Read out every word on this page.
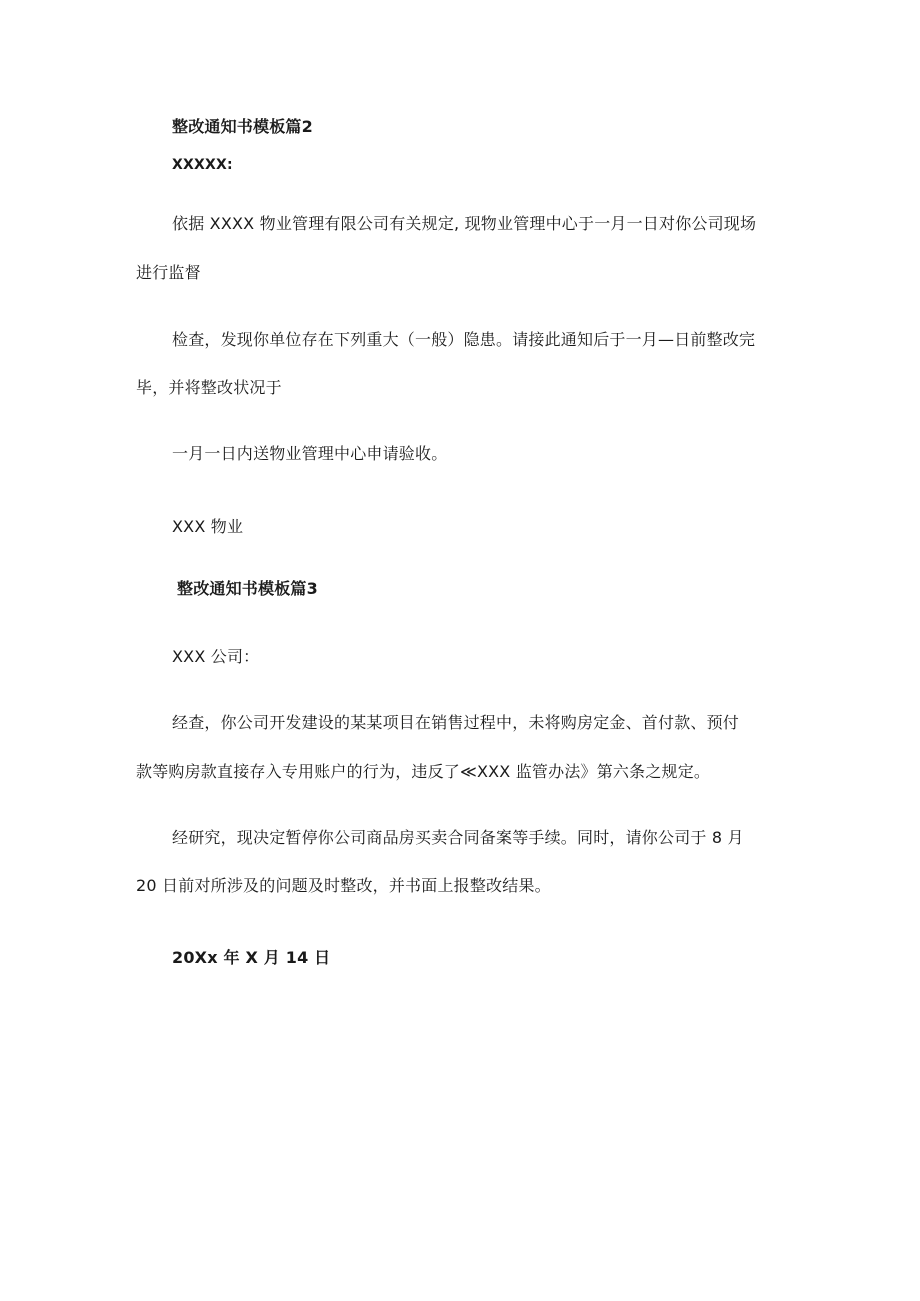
整改通知书模板篇2
XXXXX:
依据 XXXX 物业管理有限公司有关规定, 现物业管理中心于一月一日对你公司现场
进行监督
检查，发现你单位存在下列重大（一般）隐患。请接此通知后于一月—日前整改完
毕，并将整改状况于
一月一日内送物业管理中心申请验收。
XXX 物业
整改通知书模板篇3
XXX 公司：
经查，你公司开发建设的某某项目在销售过程中，未将购房定金、首付款、预付
款等购房款直接存入专用账户的行为，违反了≪XXX 监管办法》第六条之规定。
经研究，现决定暂停你公司商品房买卖合同备案等手续。同时，请你公司于 8 月
20 日前对所涉及的问题及时整改，并书面上报整改结果。
20Xx 年 X 月 14 日
